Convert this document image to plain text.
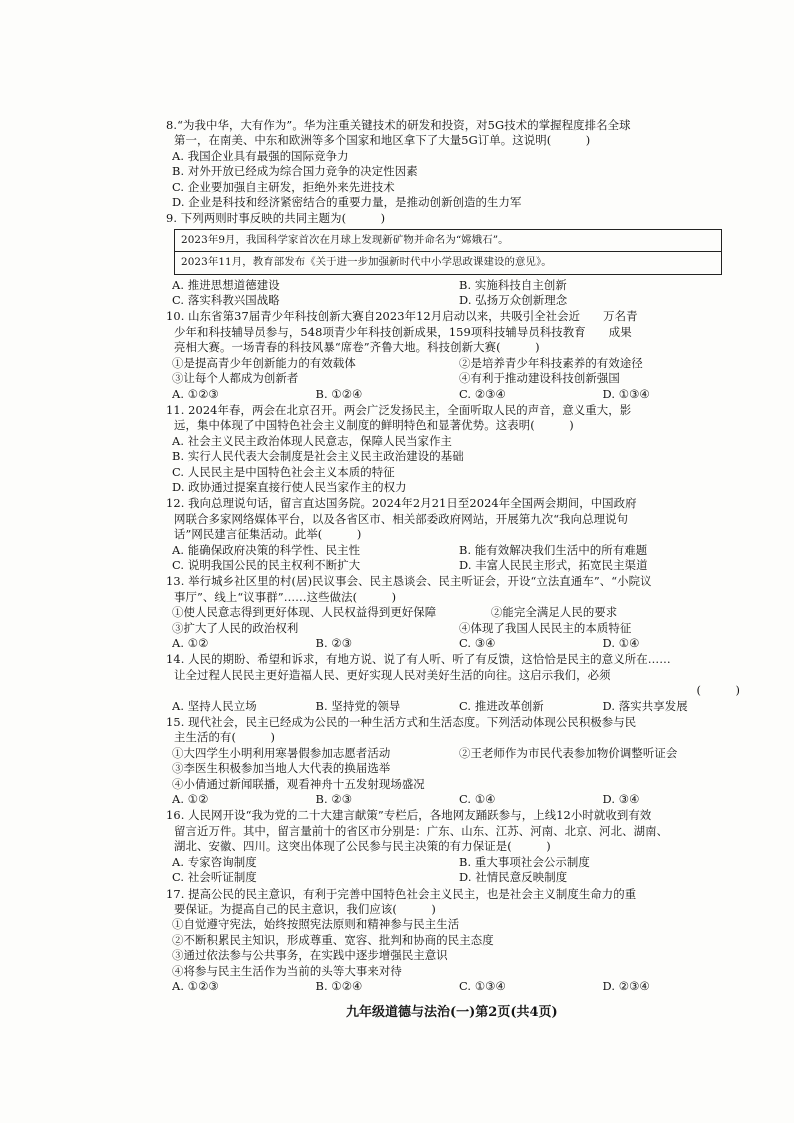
8.“为我中华，大有作为”。华为注重关键技术的研发和投资，对5G技术的掌握程度排名全球
第一，在南美、中东和欧洲等多个国家和地区拿下了大量5G订单。这说明(　　　)
A. 我国企业具有最强的国际竞争力
B. 对外开放已经成为综合国力竞争的决定性因素
C. 企业要加强自主研发，拒绝外来先进技术
D. 企业是科技和经济紧密结合的重要力量，是推动创新创造的生力军
9. 下列两则时事反映的共同主题为(　　　)
2023年9月，我国科学家首次在月球上发现新矿物并命名为“嫦娥石”。
2023年11月，教育部发布《关于进一步加强新时代中小学思政课建设的意见》。
A. 推进思想道德建设	B. 实施科技自主创新
C. 落实科教兴国战略	D. 弘扬万众创新理念
10. 山东省第37届青少年科技创新大赛自2023年12月启动以来，共吸引全社会近　　万名青
少年和科技辅导员参与，548项青少年科技创新成果，159项科技辅导员科技教育　　成果
亮相大赛。一场青春的科技风暴“席卷”齐鲁大地。科技创新大赛(　　　)
①是提高青少年创新能力的有效载体	②是培养青少年科技素养的有效途径
③让每个人都成为创新者	④有利于推动建设科技创新强国
A. ①②③	B. ①②④	C. ②③④	D. ①③④
11. 2024年春，两会在北京召开。两会广泛发扬民主，全面听取人民的声音，意义重大，影
远，集中体现了中国特色社会主义制度的鲜明特色和显著优势。这表明(　　　)
A. 社会主义民主政治体现人民意志，保障人民当家作主
B. 实行人民代表大会制度是社会主义民主政治建设的基础
C. 人民民主是中国特色社会主义本质的特征
D. 政协通过提案直接行使人民当家作主的权力
12. 我向总理说句话，留言直达国务院。2024年2月21日至2024年全国两会期间，中国政府
网联合多家网络媒体平台，以及各省区市、相关部委政府网站，开展第九次“我向总理说句
话”网民建言征集活动。此举(　　　)
A. 能确保政府决策的科学性、民主性	B. 能有效解决我们生活中的所有难题
C. 说明我国公民的民主权利不断扩大	D. 丰富人民民主形式，拓宽民主渠道
13. 举行城乡社区里的村(居)民议事会、民主恳谈会、民主听证会，开设“立法直通车”、“小院议
事厅”、线上“议事群”……这些做法(　　　)
①使人民意志得到更好体现、人民权益得到更好保障	②能完全满足人民的要求
③扩大了人民的政治权利	④体现了我国人民民主的本质特征
A. ①②	B. ②③	C. ③④	D. ①④
14. 人民的期盼、希望和诉求，有地方说、说了有人听、听了有反馈，这恰恰是民主的意义所在……
让全过程人民民主更好造福人民、更好实现人民对美好生活的向往。这启示我们，必须
(　　　)
A. 坚持人民立场	B. 坚持党的领导	C. 推进改革创新	D. 落实共享发展
15. 现代社会，民主已经成为公民的一种生活方式和生活态度。下列活动体现公民积极参与民
主生活的有(　　　)
①大四学生小明利用寒暑假参加志愿者活动	②王老师作为市民代表参加物价调整听证会
③李医生积极参加当地人大代表的换届选举
④小倩通过新闻联播，观看神舟十五发射现场盛况
A. ①②	B. ②③	C. ①④	D. ③④
16. 人民网开设“我为党的二十大建言献策”专栏后，各地网友踊跃参与，上线12小时就收到有效
留言近万件。其中，留言量前十的省区市分别是：广东、山东、江苏、河南、北京、河北、湖南、
湖北、安徽、四川。这突出体现了公民参与民主决策的有力保证是(　　　)
A. 专家咨询制度	B. 重大事项社会公示制度
C. 社会听证制度	D. 社情民意反映制度
17. 提高公民的民主意识，有利于完善中国特色社会主义民主，也是社会主义制度生命力的重
要保证。为提高自己的民主意识，我们应该(　　　)
①自觉遵守宪法，始终按照宪法原则和精神参与民主生活
②不断积累民主知识，形成尊重、宽容、批判和协商的民主态度
③通过依法参与公共事务，在实践中逐步增强民主意识
④将参与民主生活作为当前的头等大事来对待
A. ①②③	B. ①②④	C. ①③④	D. ②③④
九年级道德与法治(一)第2页(共4页)
